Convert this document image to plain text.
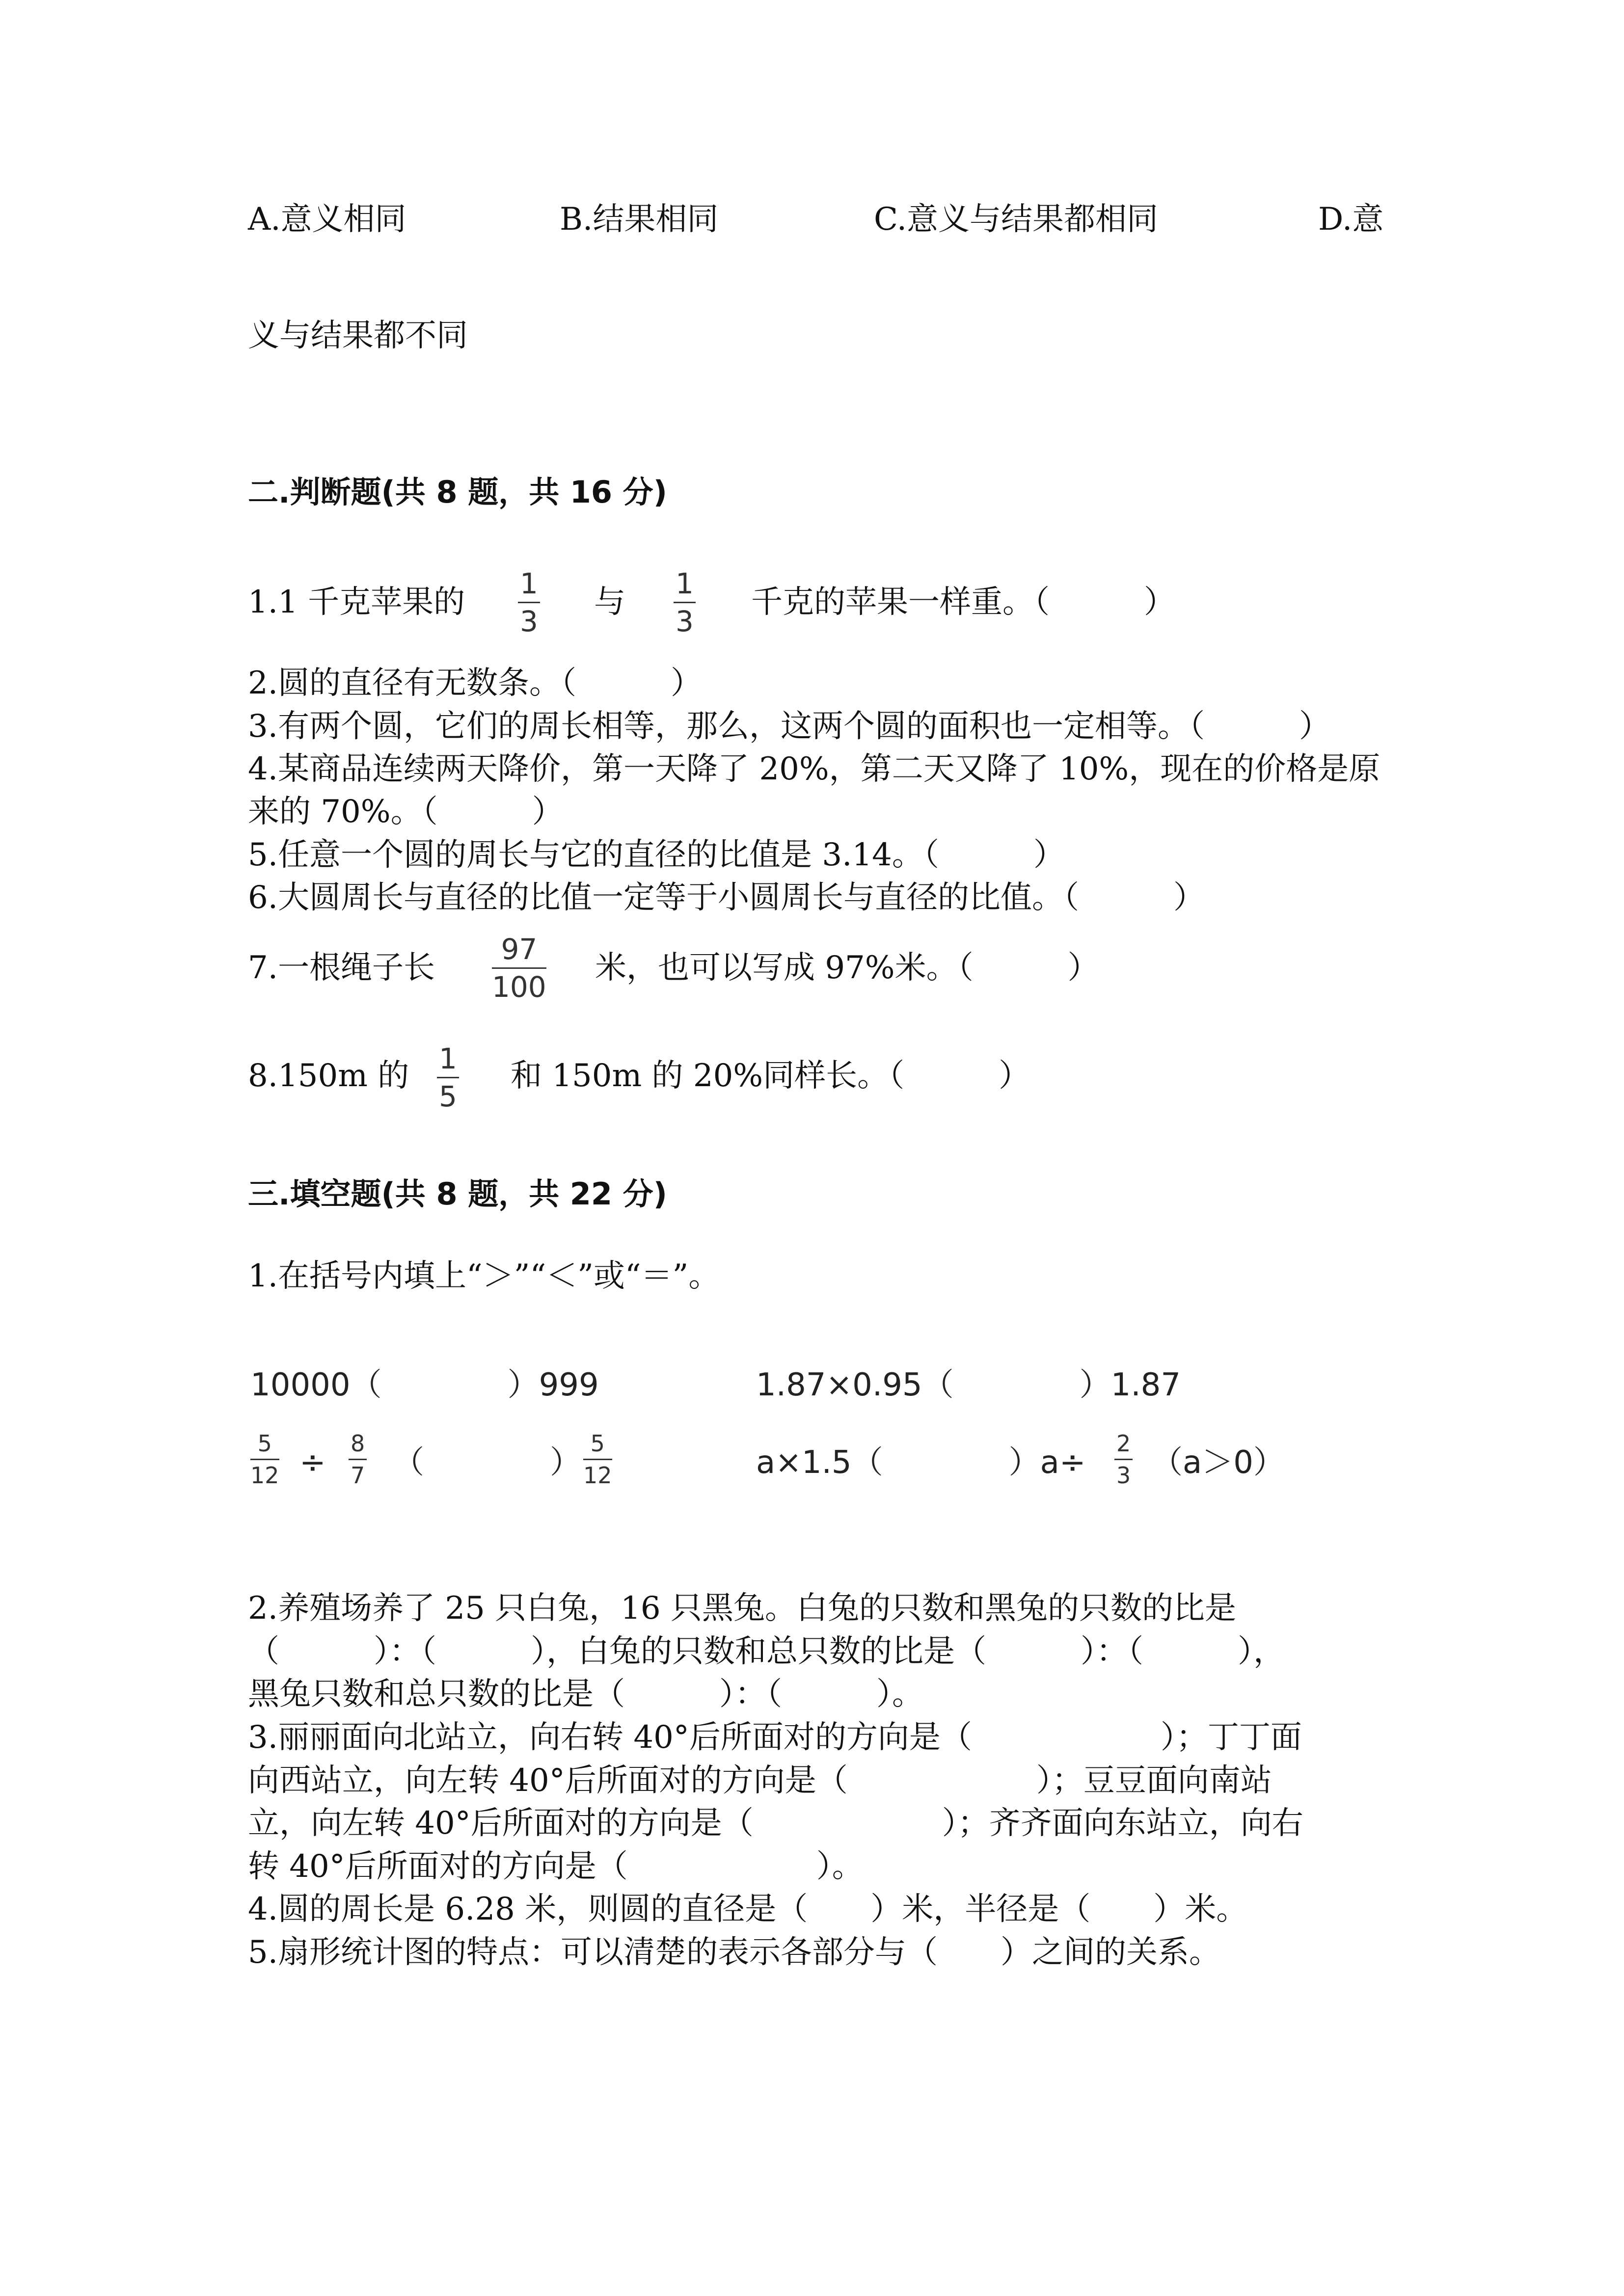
A.意义相同	B.结果相同	C.意义与结果都相同	D.意
义与结果都不同
二.判断题(共 8 题，共 16 分)
1.1 千克苹果的
1
3
与
1
3
千克的苹果一样重。（　　　）
2.圆的直径有无数条。（　　　）
3.有两个圆，它们的周长相等，那么，这两个圆的面积也一定相等。（　　　）
4.某商品连续两天降价，第一天降了 20%，第二天又降了 10%，现在的价格是原
来的 70%。（　　　）
5.任意一个圆的周长与它的直径的比值是 3.14。（　　　）
6.大圆周长与直径的比值一定等于小圆周长与直径的比值。（　　　）
7.一根绳子长
97
100
米，也可以写成 97%米。（　　　）
8.150m 的 1
5
和 150m 的 20%同样长。（　　　）
三.填空题(共 8 题，共 22 分)
1.在括号内填上“＞”“＜”或“＝”。
10000（　　　　）999	1.87×0.95（　　　　）1.87
5
12 ÷
8
7 （　　　　）
5
12	a×1.5（　　　　）a÷
2
3 （a＞0）
2.养殖场养了 25 只白兔，16 只黑兔。白兔的只数和黑兔的只数的比是
（　　　）：（　　　），白兔的只数和总只数的比是（　　　）：（　　　），
黑兔只数和总只数的比是（　　　）：（　　　）。
3.丽丽面向北站立，向右转 40°后所面对的方向是（　　　　　　）；丁丁面
向西站立，向左转 40°后所面对的方向是（　　　　　　）；豆豆面向南站
立，向左转 40°后所面对的方向是（　　　　　　）；齐齐面向东站立，向右
转 40°后所面对的方向是（　　　　　　）。
4.圆的周长是 6.28 米，则圆的直径是（　　）米，半径是（　　）米。
5.扇形统计图的特点：可以清楚的表示各部分与（　　）之间的关系。
